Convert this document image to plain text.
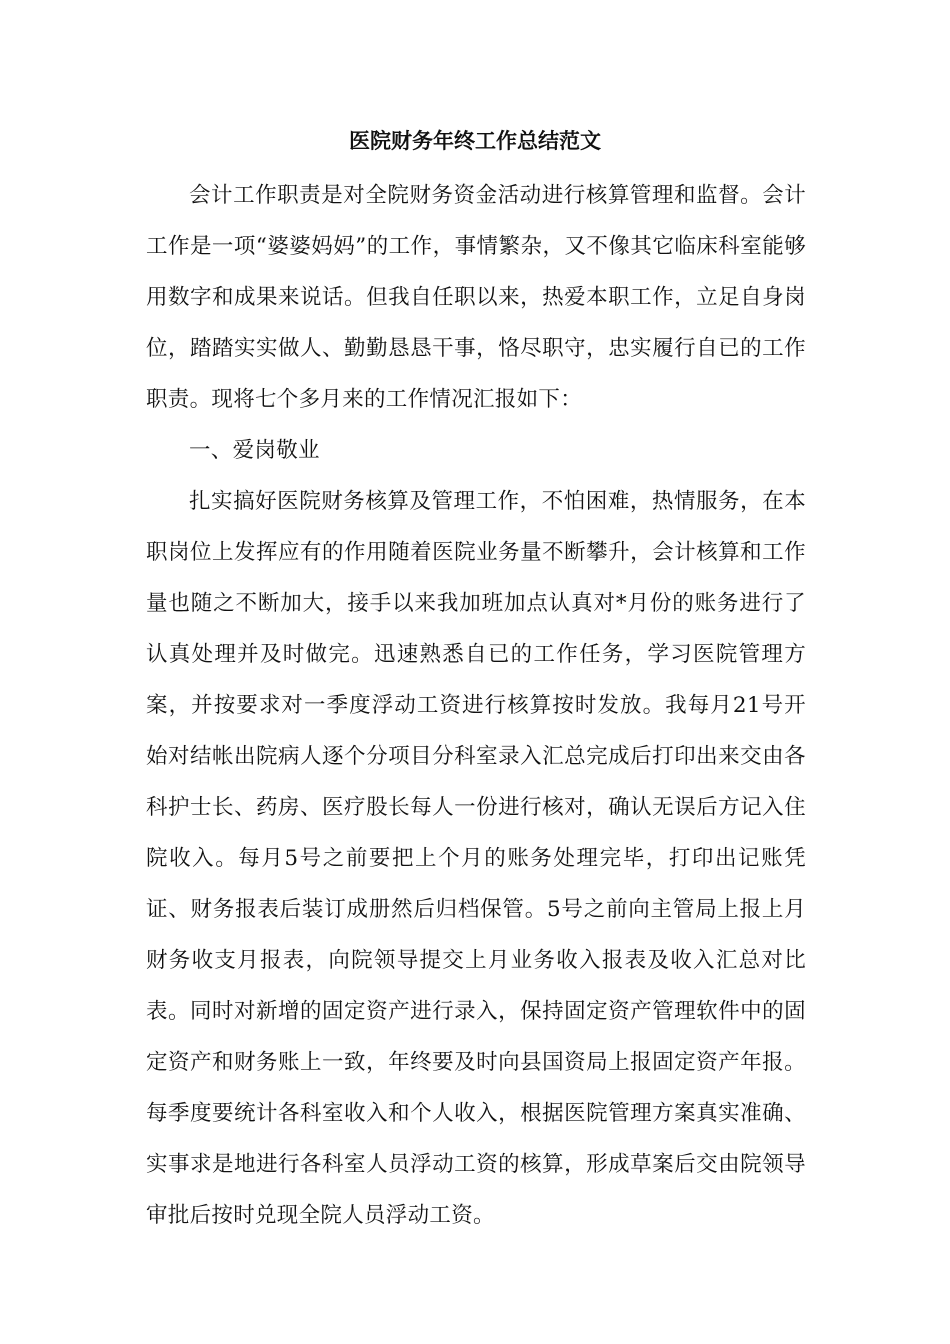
医院财务年终工作总结范文

会计工作职责是对全院财务资金活动进行核算管理和监督。会计工作是一项“婆婆妈妈”的工作，事情繁杂，又不像其它临床科室能够用数字和成果来说话。但我自任职以来，热爱本职工作，立足自身岗位，踏踏实实做人、勤勤恳恳干事，恪尽职守，忠实履行自已的工作职责。现将七个多月来的工作情况汇报如下：

一、爱岗敬业

扎实搞好医院财务核算及管理工作，不怕困难，热情服务，在本职岗位上发挥应有的作用随着医院业务量不断攀升，会计核算和工作量也随之不断加大，接手以来我加班加点认真对*月份的账务进行了认真处理并及时做完。迅速熟悉自已的工作任务，学习医院管理方案，并按要求对一季度浮动工资进行核算按时发放。我每月21号开始对结帐出院病人逐个分项目分科室录入汇总完成后打印出来交由各科护士长、药房、医疗股长每人一份进行核对，确认无误后方记入住院收入。每月5号之前要把上个月的账务处理完毕，打印出记账凭证、财务报表后装订成册然后归档保管。5号之前向主管局上报上月财务收支月报表，向院领导提交上月业务收入报表及收入汇总对比表。同时对新增的固定资产进行录入，保持固定资产管理软件中的固定资产和财务账上一致，年终要及时向县国资局上报固定资产年报。每季度要统计各科室收入和个人收入，根据医院管理方案真实准确、实事求是地进行各科室人员浮动工资的核算，形成草案后交由院领导审批后按时兑现全院人员浮动工资。
